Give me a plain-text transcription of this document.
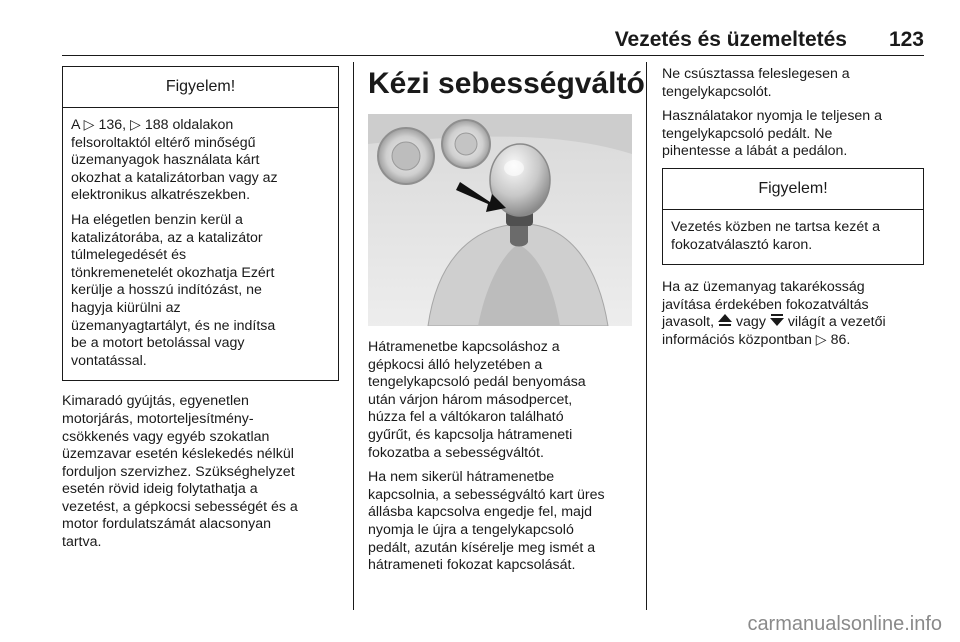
Vezetés és üzemeltetés 123
Figyelem!

A ▷ 136, ▷ 188 oldalakon
felsoroltaktól eltérő minőségű
üzemanyagok használata kárt
okozhat a katalizátorban vagy az
elektronikus alkatrészekben.

Ha elégetlen benzin kerül a
katalizátorába, az a katalizátor
túlmelegedését és
tönkremenetelét okozhatja Ezért
kerülje a hosszú indítózást, ne
hagyja kiürülni az
üzemanyagtartályt, és ne indítsa
be a motort betolással vagy
vontatással.

Kimaradó gyújtás, egyenetlen
motorjárás, motorteljesítmény-
csökkenés vagy egyéb szokatlan
üzemzavar esetén késlekedés nélkül
forduljon szervizhez. Szükséghelyzet
esetén rövid ideig folytathatja a
vezetést, a gépkocsi sebességét és a
motor fordulatszámát alacsonyan
tartva.

Kézi sebességváltó

Hátramenetbe kapcsoláshoz a
gépkocsi álló helyzetében a
tengelykapcsoló pedál benyomása
után várjon három másodpercet,
húzza fel a váltókaron található
gyűrűt, és kapcsolja hátrameneti
fokozatba a sebességváltót.

Ha nem sikerül hátramenetbe
kapcsolnia, a sebességváltó kart üres
állásba kapcsolva engedje fel, majd
nyomja le újra a tengelykapcsoló
pedált, azután kísérelje meg ismét a
hátrameneti fokozat kapcsolását.

Ne csúsztassa feleslegesen a
tengelykapcsolót.

Használatakor nyomja le teljesen a
tengelykapcsoló pedált. Ne
pihentesse a lábát a pedálon.

Figyelem!

Vezetés közben ne tartsa kezét a
fokozatválasztó karon.

Ha az üzemanyag takarékosság
javítása érdekében fokozatváltás
javasolt, vagy világít a vezetői
információs központban ▷ 86.

carmanualsonline.info
